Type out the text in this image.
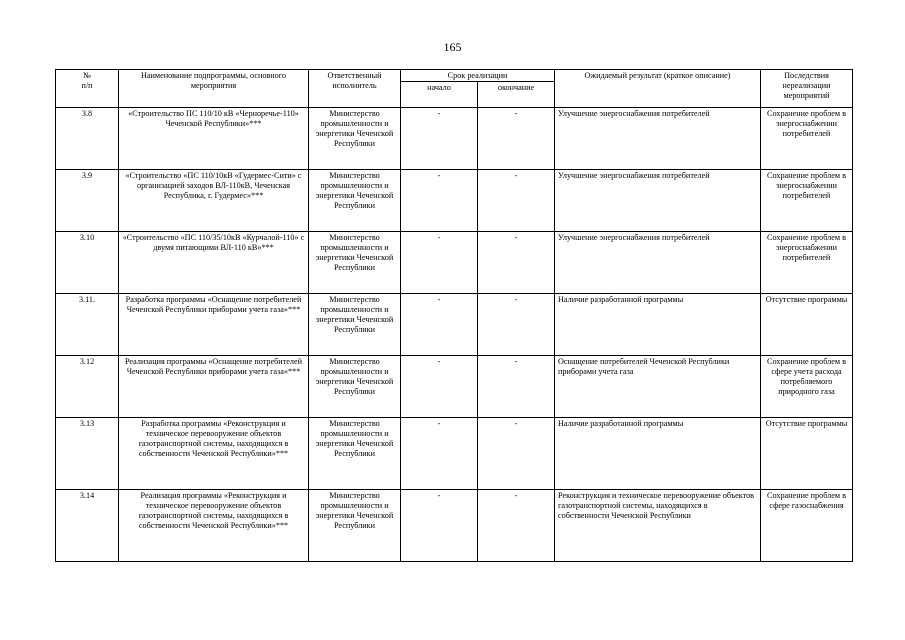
165
№
п/п	Наименование подпрограммы, основного мероприятия	Ответственный исполнитель	Срок реализации		Ожидаемый результат (краткое описание)	Последствия нереализации мероприятий
			начало	окончание		
3.8	«Строительство ПС 110/10 кВ «Черноречье-110» Чеченской Республики»***	Министерство промышленности и энергетики Чеченской Республики	-	-	Улучшение энергоснабжения потребителей	Сохранение проблем в энергоснабжении потребителей
3.9	«Строительство «ПС 110/10кВ «Гудермес-Сити» с организацией заходов ВЛ-110кВ, Чеченская Республика, г. Гудермес»***	Министерство промышленности и энергетики Чеченской Республики	-	-	Улучшение энергоснабжения потребителей	Сохранение проблем в энергоснабжении потребителей
3.10	«Строительство «ПС 110/35/10кВ «Курчалой-110» с двумя питающими ВЛ-110 кВ»***	Министерство промышленности и энергетики Чеченской Республики	-	-	Улучшение энергоснабжения потребителей	Сохранение проблем в энергоснабжении потребителей
3.11.	Разработка программы «Оснащение потребителей Чеченской Республики приборами учета газа»***	Министерство промышленности и энергетики Чеченской Республики	-	-	Наличие разработанной программы	Отсутствие программы
3.12	Реализация программы «Оснащение потребителей Чеченской Республики приборами учета газа»***	Министерство промышленности и энергетики Чеченской Республики	-	-	Оснащение потребителей Чеченской Республики приборами учета газа	Сохранение проблем в сфере учета расхода потребляемого природного газа
3.13	Разработка программы «Реконструкция и техническое перевооружение объектов газотранспортной системы, находящихся в собственности Чеченской Республики»***	Министерство промышленности и энергетики Чеченской Республики	-	-	Наличие разработанной программы	Отсутствие программы
3.14	Реализация программы «Реконструкция и техническое перевооружение объектов газотранспортной системы, находящихся в собственности Чеченской Республики»***	Министерство промышленности и энергетики Чеченской Республики	-	-	Реконструкция и техническое перевооружение объектов газотранспортной системы, находящихся в собственности Чеченской Республики	Сохранение проблем в сфере газоснабжения
